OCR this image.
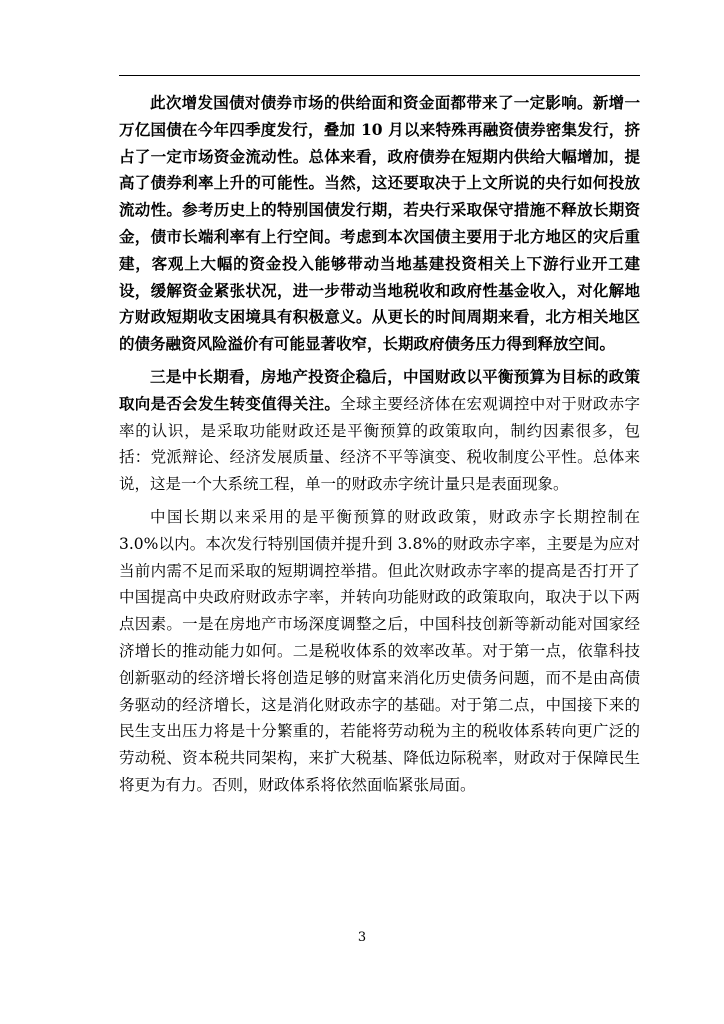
此次增发国债对债券市场的供给面和资金面都带来了一定影响。新增一万亿国债在今年四季度发行，叠加 10 月以来特殊再融资债券密集发行，挤占了一定市场资金流动性。总体来看，政府债券在短期内供给大幅增加，提高了债券利率上升的可能性。当然，这还要取决于上文所说的央行如何投放流动性。参考历史上的特别国债发行期，若央行采取保守措施不释放长期资金，债市长端利率有上行空间。考虑到本次国债主要用于北方地区的灾后重建，客观上大幅的资金投入能够带动当地基建投资相关上下游行业开工建设，缓解资金紧张状况，进一步带动当地税收和政府性基金收入，对化解地方财政短期收支困境具有积极意义。从更长的时间周期来看，北方相关地区的债务融资风险溢价有可能显著收窄，长期政府债务压力得到释放空间。

三是中长期看，房地产投资企稳后，中国财政以平衡预算为目标的政策取向是否会发生转变值得关注。全球主要经济体在宏观调控中对于财政赤字率的认识，是采取功能财政还是平衡预算的政策取向，制约因素很多，包括：党派辩论、经济发展质量、经济不平等演变、税收制度公平性。总体来说，这是一个大系统工程，单一的财政赤字统计量只是表面现象。

中国长期以来采用的是平衡预算的财政政策，财政赤字长期控制在 3.0%以内。本次发行特别国债并提升到 3.8%的财政赤字率，主要是为应对当前内需不足而采取的短期调控举措。但此次财政赤字率的提高是否打开了中国提高中央政府财政赤字率，并转向功能财政的政策取向，取决于以下两点因素。一是在房地产市场深度调整之后，中国科技创新等新动能对国家经济增长的推动能力如何。二是税收体系的效率改革。对于第一点，依靠科技创新驱动的经济增长将创造足够的财富来消化历史债务问题，而不是由高债务驱动的经济增长，这是消化财政赤字的基础。对于第二点，中国接下来的民生支出压力将是十分繁重的，若能将劳动税为主的税收体系转向更广泛的劳动税、资本税共同架构，来扩大税基、降低边际税率，财政对于保障民生将更为有力。否则，财政体系将依然面临紧张局面。

3
